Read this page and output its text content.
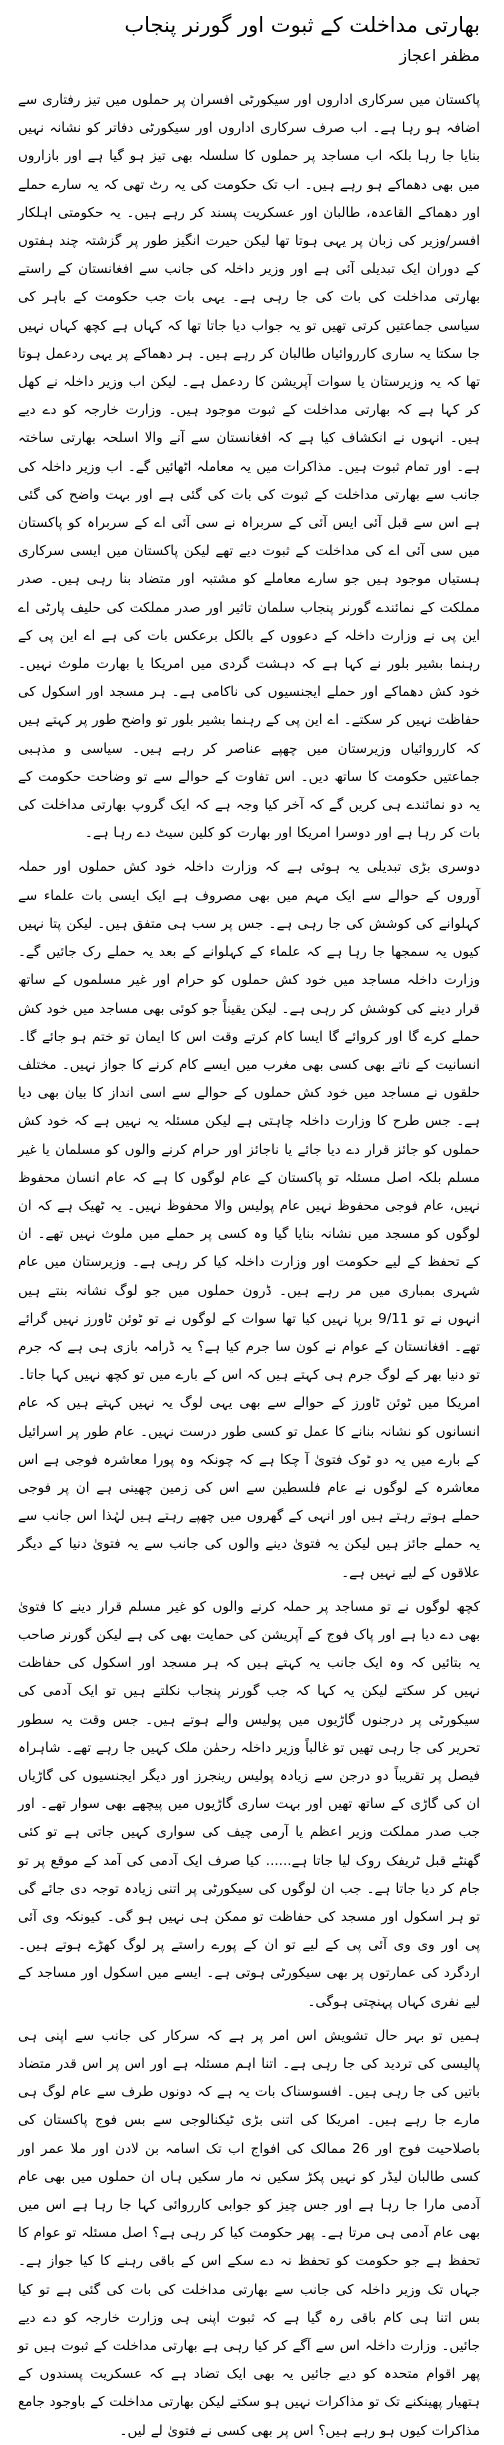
بھارتی مداخلت کے ثبوت اور گورنر پنجاب
مظفر اعجاز

پاکستان میں سرکاری اداروں اور سیکورٹی افسران پر حملوں میں تیز رفتاری سے اضافہ ہو رہا ہے۔ اب صرف سرکاری اداروں اور سیکورٹی دفاتر کو نشانہ نہیں بنایا جا رہا بلکہ اب مساجد پر حملوں کا سلسلہ بھی تیز ہو گیا ہے اور بازاروں میں بھی دھماکے ہو رہے ہیں۔ اب تک حکومت کی یہ رٹ تھی کہ یہ سارے حملے اور دھماکے القاعدہ، طالبان اور عسکریت پسند کر رہے ہیں۔ یہ حکومتی اہلکار افسر/وزیر کی زبان پر یہی ہوتا تھا لیکن حیرت انگیز طور پر گزشتہ چند ہفتوں کے دوران ایک تبدیلی آئی ہے اور وزیر داخلہ کی جانب سے افغانستان کے راستے بھارتی مداخلت کی بات کی جا رہی ہے۔ یہی بات جب حکومت کے باہر کی سیاسی جماعتیں کرتی تھیں تو یہ جواب دیا جاتا تھا کہ کہاں ہے کچھ کہاں نہیں جا سکتا یہ ساری کارروائیاں طالبان کر رہے ہیں۔ ہر دھماکے پر یہی ردعمل ہوتا تھا کہ یہ وزیرستان یا سوات آپریشن کا ردعمل ہے۔ لیکن اب وزیر داخلہ نے کھل کر کہا ہے کہ بھارتی مداخلت کے ثبوت موجود ہیں۔ وزارت خارجہ کو دے دیے ہیں۔ انہوں نے انکشاف کیا ہے کہ افغانستان سے آنے والا اسلحہ بھارتی ساختہ ہے۔ اور تمام ثبوت ہیں۔ مذاکرات میں یہ معاملہ اٹھائیں گے۔ اب وزیر داخلہ کی جانب سے بھارتی مداخلت کے ثبوت کی بات کی گئی ہے اور بہت واضح کی گئی ہے اس سے قبل آئی ایس آئی کے سربراہ نے سی آئی اے کے سربراہ کو پاکستان میں سی آئی اے کی مداخلت کے ثبوت دیے تھے لیکن پاکستان میں ایسی سرکاری ہستیاں موجود ہیں جو سارے معاملے کو مشتبہ اور متضاد بنا رہی ہیں۔ صدر مملکت کے نمائندے گورنر پنجاب سلمان تاثیر اور صدر مملکت کی حلیف پارٹی اے این پی نے وزارت داخلہ کے دعووں کے بالکل برعکس بات کی ہے اے این پی کے رہنما بشیر بلور نے کہا ہے کہ دہشت گردی میں امریکا یا بھارت ملوث نہیں۔ خود کش دھماکے اور حملے ایجنسیوں کی ناکامی ہے۔ ہر مسجد اور اسکول کی حفاظت نہیں کر سکتے۔ اے این پی کے رہنما بشیر بلور تو واضح طور پر کہتے ہیں کہ کارروائیاں وزیرستان میں چھپے عناصر کر رہے ہیں۔ سیاسی و مذہبی جماعتیں حکومت کا ساتھ دیں۔ اس تفاوت کے حوالے سے تو وضاحت حکومت کے یہ دو نمائندے ہی کریں گے کہ آخر کیا وجہ ہے کہ ایک گروپ بھارتی مداخلت کی بات کر رہا ہے اور دوسرا امریکا اور بھارت کو کلین سیٹ دے رہا ہے۔

دوسری بڑی تبدیلی یہ ہوئی ہے کہ وزارت داخلہ خود کش حملوں اور حملہ آوروں کے حوالے سے ایک مہم میں بھی مصروف ہے ایک ایسی بات علماء سے کہلوانے کی کوشش کی جا رہی ہے۔ جس پر سب ہی متفق ہیں۔ لیکن پتا نہیں کیوں یہ سمجھا جا رہا ہے کہ علماء کے کہلوانے کے بعد یہ حملے رک جائیں گے۔ وزارت داخلہ مساجد میں خود کش حملوں کو حرام اور غیر مسلموں کے ساتھ قرار دینے کی کوشش کر رہی ہے۔ لیکن یقیناً جو کوئی بھی مساجد میں خود کش حملے کرے گا اور کروائے گا ایسا کام کرتے وقت اس کا ایمان تو ختم ہو جائے گا۔ انسانیت کے ناتے بھی کسی بھی مغرب میں ایسے کام کرنے کا جواز نہیں۔ مختلف حلقوں نے مساجد میں خود کش حملوں کے حوالے سے اسی انداز کا بیان بھی دیا ہے۔ جس طرح کا وزارت داخلہ چاہتی ہے لیکن مسئلہ یہ نہیں ہے کہ خود کش حملوں کو جائز قرار دے دیا جائے یا ناجائز اور حرام کرنے والوں کو مسلمان یا غیر مسلم بلکہ اصل مسئلہ تو پاکستان کے عام لوگوں کا ہے کہ عام انسان محفوظ نہیں، عام فوجی محفوظ نہیں عام پولیس والا محفوظ نہیں۔ یہ ٹھیک ہے کہ ان لوگوں کو مسجد میں نشانہ بنایا گیا وہ کسی پر حملے میں ملوث نہیں تھے۔ ان کے تحفظ کے لیے حکومت اور وزارت داخلہ کیا کر رہی ہے۔ وزیرستان میں عام شہری بمباری میں مر رہے ہیں۔ ڈرون حملوں میں جو لوگ نشانہ بنتے ہیں انہوں نے تو 9/11 برپا نہیں کیا تھا سوات کے لوگوں نے تو ٹوئن ٹاورز نہیں گرائے تھے۔ افغانستان کے عوام نے کون سا جرم کیا ہے؟ یہ ڈرامہ بازی ہی ہے کہ جرم تو دنیا بھر کے لوگ جرم ہی کہتے ہیں کہ اس کے بارے میں تو کچھ نہیں کہا جاتا۔ امریکا میں ٹوئن ٹاورز کے حوالے سے بھی یہی لوگ یہ نہیں کہتے ہیں کہ عام انسانوں کو نشانہ بنانے کا عمل تو کسی طور درست نہیں۔ عام طور پر اسرائیل کے بارے میں یہ دو ٹوک فتویٰ آ چکا ہے کہ چونکہ وہ پورا معاشرہ فوجی ہے اس معاشرہ کے لوگوں نے عام فلسطین سے اس کی زمین چھینی ہے ان پر فوجی حملے ہوتے رہتے ہیں اور انہی کے گھروں میں چھپے رہتے ہیں لہٰذا اس جانب سے یہ حملے جائز ہیں لیکن یہ فتویٰ دینے والوں کی جانب سے یہ فتویٰ دنیا کے دیگر علاقوں کے لیے نہیں ہے۔

کچھ لوگوں نے تو مساجد پر حملہ کرنے والوں کو غیر مسلم قرار دینے کا فتویٰ بھی دے دیا ہے اور پاک فوج کے آپریشن کی حمایت بھی کی ہے لیکن گورنر صاحب یہ بتائیں کہ وہ ایک جانب یہ کہتے ہیں کہ ہر مسجد اور اسکول کی حفاظت نہیں کر سکتے لیکن یہ کہا کہ جب گورنر پنجاب نکلتے ہیں تو ایک آدمی کی سیکورٹی پر درجنوں گاڑیوں میں پولیس والے ہوتے ہیں۔ جس وقت یہ سطور تحریر کی جا رہی تھیں تو غالباً وزیر داخلہ رحمٰن ملک کہیں جا رہے تھے۔ شاہراہ فیصل پر تقریباً دو درجن سے زیادہ پولیس رینجرز اور دیگر ایجنسیوں کی گاڑیاں ان کی گاڑی کے ساتھ تھیں اور بہت ساری گاڑیوں میں پیچھے بھی سوار تھے۔ اور جب صدر مملکت وزیر اعظم یا آرمی چیف کی سواری کہیں جاتی ہے تو کئی گھنٹے قبل ٹریفک روک لیا جاتا ہے...... کیا صرف ایک آدمی کی آمد کے موقع پر تو جام کر دیا جاتا ہے۔ جب ان لوگوں کی سیکورٹی پر اتنی زیادہ توجہ دی جائے گی تو ہر اسکول اور مسجد کی حفاظت تو ممکن ہی نہیں ہو گی۔ کیونکہ وی آئی پی اور وی وی آئی پی کے لیے تو ان کے پورے راستے پر لوگ کھڑے ہوتے ہیں۔ اردگرد کی عمارتوں پر بھی سیکورٹی ہوتی ہے۔ ایسے میں اسکول اور مساجد کے لیے نفری کہاں پہنچتی ہوگی۔

ہمیں تو بہر حال تشویش اس امر پر ہے کہ سرکار کی جانب سے اپنی ہی پالیسی کی تردید کی جا رہی ہے۔ اتنا اہم مسئلہ ہے اور اس پر اس قدر متضاد باتیں کی جا رہی ہیں۔ افسوسناک بات یہ ہے کہ دونوں طرف سے عام لوگ ہی مارے جا رہے ہیں۔ امریکا کی اتنی بڑی ٹیکنالوجی سے بس فوج پاکستان کی باصلاحیت فوج اور 26 ممالک کی افواج اب تک اسامہ بن لادن اور ملا عمر اور کسی طالبان لیڈر کو نہیں پکڑ سکیں نہ مار سکیں ہاں ان حملوں میں بھی عام آدمی مارا جا رہا ہے اور جس چیز کو جوابی کارروائی کہا جا رہا ہے اس میں بھی عام آدمی ہی مرتا ہے۔ پھر حکومت کیا کر رہی ہے؟ اصل مسئلہ تو عوام کا تحفظ ہے جو حکومت کو تحفظ نہ دے سکے اس کے باقی رہنے کا کیا جواز ہے۔ جہاں تک وزیر داخلہ کی جانب سے بھارتی مداخلت کی بات کی گئی ہے تو کیا بس اتنا ہی کام باقی رہ گیا ہے کہ ثبوت اپنی ہی وزارت خارجہ کو دے دیے جائیں۔ وزارت داخلہ اس سے آگے کر کیا رہی ہے بھارتی مداخلت کے ثبوت ہیں تو پھر اقوام متحدہ کو دیے جائیں یہ بھی ایک تضاد ہے کہ عسکریت پسندوں کے ہتھیار پھینکنے تک تو مذاکرات نہیں ہو سکتے لیکن بھارتی مداخلت کے باوجود جامع مذاکرات کیوں ہو رہے ہیں؟ اس پر بھی کسی نے فتویٰ لے لیں۔
